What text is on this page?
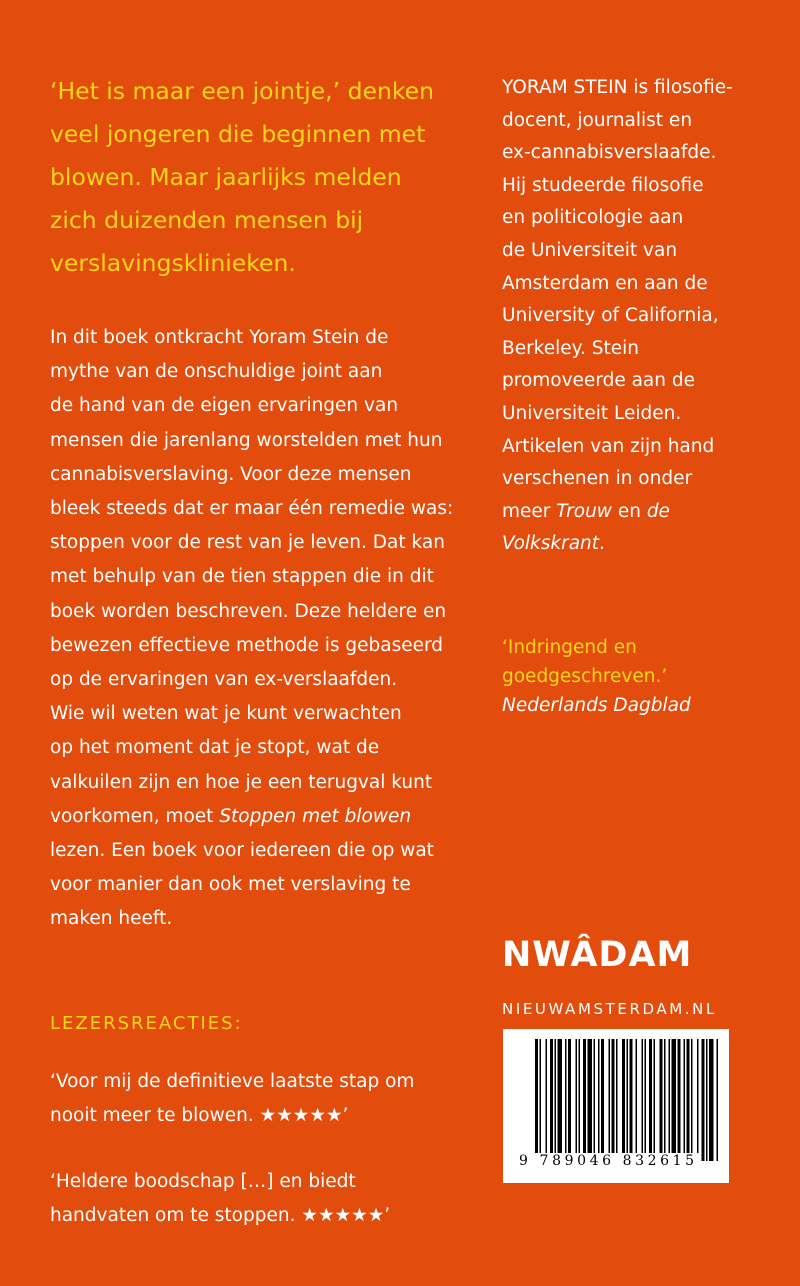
‘Het is maar een jointje,’ denken
veel jongeren die beginnen met
blowen. Maar jaarlijks melden
zich duizenden mensen bij
verslavingsklinieken.

In dit boek ontkracht Yoram Stein de
mythe van de onschuldige joint aan
de hand van de eigen ervaringen van
mensen die jarenlang worstelden met hun
cannabisverslaving. Voor deze mensen
bleek steeds dat er maar één remedie was:
stoppen voor de rest van je leven. Dat kan
met behulp van de tien stappen die in dit
boek worden beschreven. Deze heldere en
bewezen effectieve methode is gebaseerd
op de ervaringen van ex-verslaafden.
Wie wil weten wat je kunt verwachten
op het moment dat je stopt, wat de
valkuilen zijn en hoe je een terugval kunt
voorkomen, moet Stoppen met blowen
lezen. Een boek voor iedereen die op wat
voor manier dan ook met verslaving te
maken heeft.

LEZERSREACTIES:
‘Voor mij de definitieve laatste stap om
nooit meer te blowen. ★★★★★’
‘Heldere boodschap […] en biedt
handvaten om te stoppen. ★★★★★’

YORAM STEIN is filosofie-
docent, journalist en
ex-cannabisverslaafde.
Hij studeerde filosofie
en politicologie aan
de Universiteit van
Amsterdam en aan de
University of California,
Berkeley. Stein
promoveerde aan de
Universiteit Leiden.
Artikelen van zijn hand
verschenen in onder
meer Trouw en de
Volkskrant.

‘Indringend en
goedgeschreven.’
Nederlands Dagblad
NWÂDAM
NIEUWAMSTERDAM.NL
9 789046 832615
